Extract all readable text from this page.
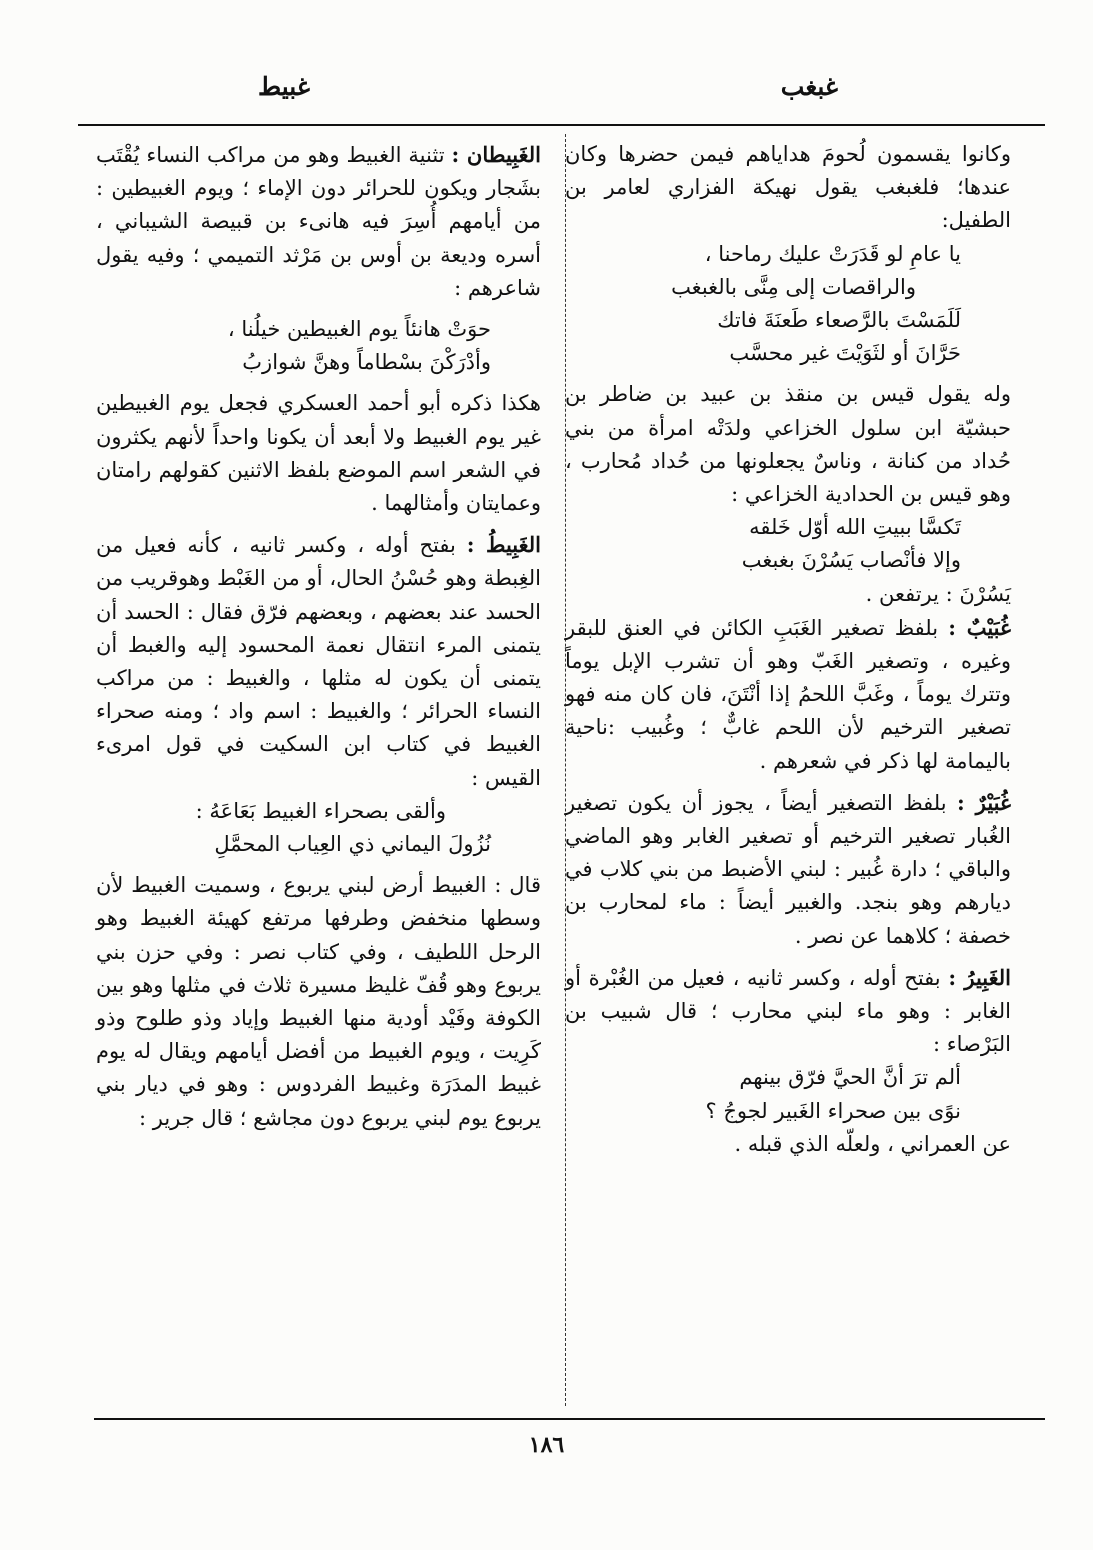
غبغب
غبيط

وكانوا يقسمون لُحومَ هداياهم فيمن حضرها وكان عندها؛ فلغبغب يقول نهيكة الفزاري لعامر بن الطفيل:

يا عامِ لو قَدَرَتْ عليك رماحنا ،
والراقصات إلى مِنَّى بالغبغب
لَلَمَسْتَ بالرَّصعاء طَعنَةَ فاتك
حَرَّانَ أو لثَوَيْتَ غير محسَّب

وله يقول قيس بن منقذ بن عبيد بن ضاطر بن حبشيّة ابن سلول الخزاعي ولدَتْه امرأة من بني حُداد من كنانة ، وناسٌ يجعلونها من حُداد مُحارب ، وهو قيس بن الحدادية الخزاعي :

تَكسَّا ببيتِ الله أوّل خَلقه
وإلا فأنْصاب يَسُرْنَ بغبغب

يَسُرْنَ : يرتفعن .

غُبَيْبٌ : بلفظ تصغير الغَبَبِ الكائن في العنق للبقر وغيره ، وتصغير الغَبّ وهو أن تشرب الإبل يوماً وتترك يوماً ، وغَبَّ اللحمُ إذا أنْتَنَ، فان كان منه فهو تصغير الترخيم لأن اللحم غابٌّ ؛ وغُبيب :ناحية باليمامة لها ذكر في شعرهم .

غُبَيْرٌ : بلفظ التصغير أيضاً ، يجوز أن يكون تصغير الغُبار تصغير الترخيم أو تصغير الغابر وهو الماضي والباقي ؛ دارة غُبير : لبني الأضبط من بني كلاب في ديارهم وهو بنجد. والغبير أيضاً : ماء لمحارب بن خصفة ؛ كلاهما عن نصر .

الغَبِيرُ : بفتح أوله ، وكسر ثانيه ، فعيل من الغُبْرة أو الغابر : وهو ماء لبني محارب ؛ قال شبيب بن البَرْصاء :

ألم ترَ أنَّ الحيَّ فرّق بينهم
نوًى بين صحراء الغَبير لجوجُ ؟

عن العمراني ، ولعلّه الذي قبله .

الغَبِيطان : تثنية الغبيط وهو من مراكب النساء يُقْتَب بشَجار ويكون للحرائر دون الإماء ؛ ويوم الغبيطين : من أيامهم أُسِرَ فيه هانىء بن قبيصة الشيباني ، أسره وديعة بن أوس بن مَرْثد التميمي ؛ وفيه يقول شاعرهم :

حوَتْ هانئاً يوم الغبيطين خيلُنا ،
وأدْرَكْنَ بسْطاماً وهنَّ شوازبُ

هكذا ذكره أبو أحمد العسكري فجعل يوم الغبيطين غير يوم الغبيط ولا أبعد أن يكونا واحداً لأنهم يكثرون في الشعر اسم الموضع بلفظ الاثنين كقولهم رامتان وعمايتان وأمثالهما .

الغَبِيطُ : بفتح أوله ، وكسر ثانيه ، كأنه فعيل من الغِبطة وهو حُسْنُ الحال، أو من الغَبْط وهوقريب من الحسد عند بعضهم ، وبعضهم فرّق فقال : الحسد أن يتمنى المرء انتقال نعمة المحسود إليه والغبط أن يتمنى أن يكون له مثلها ، والغبيط : من مراكب النساء الحرائر ؛ والغبيط : اسم واد ؛ ومنه صحراء الغبيط في كتاب ابن السكيت في قول امرىء القيس :

وألقى بصحراء الغبيط بَعَاعَهُ :
نُزُولَ اليماني ذي العِياب المحمَّلِ

قال : الغبيط أرض لبني يربوع ، وسميت الغبيط لأن وسطها منخفض وطرفها مرتفع كهيئة الغبيط وهو الرحل اللطيف ، وفي كتاب نصر : وفي حزن بني يربوع وهو قُفّ غليظ مسيرة ثلاث في مثلها وهو بين الكوفة وفَيْد أودية منها الغبيط وإياد وذو طلوح وذو كَرِيت ، ويوم الغبيط من أفضل أيامهم ويقال له يوم غبيط المدَرَة وغبيط الفردوس : وهو في ديار بني يربوع يوم لبني يربوع دون مجاشع ؛ قال جرير :

١٨٦
